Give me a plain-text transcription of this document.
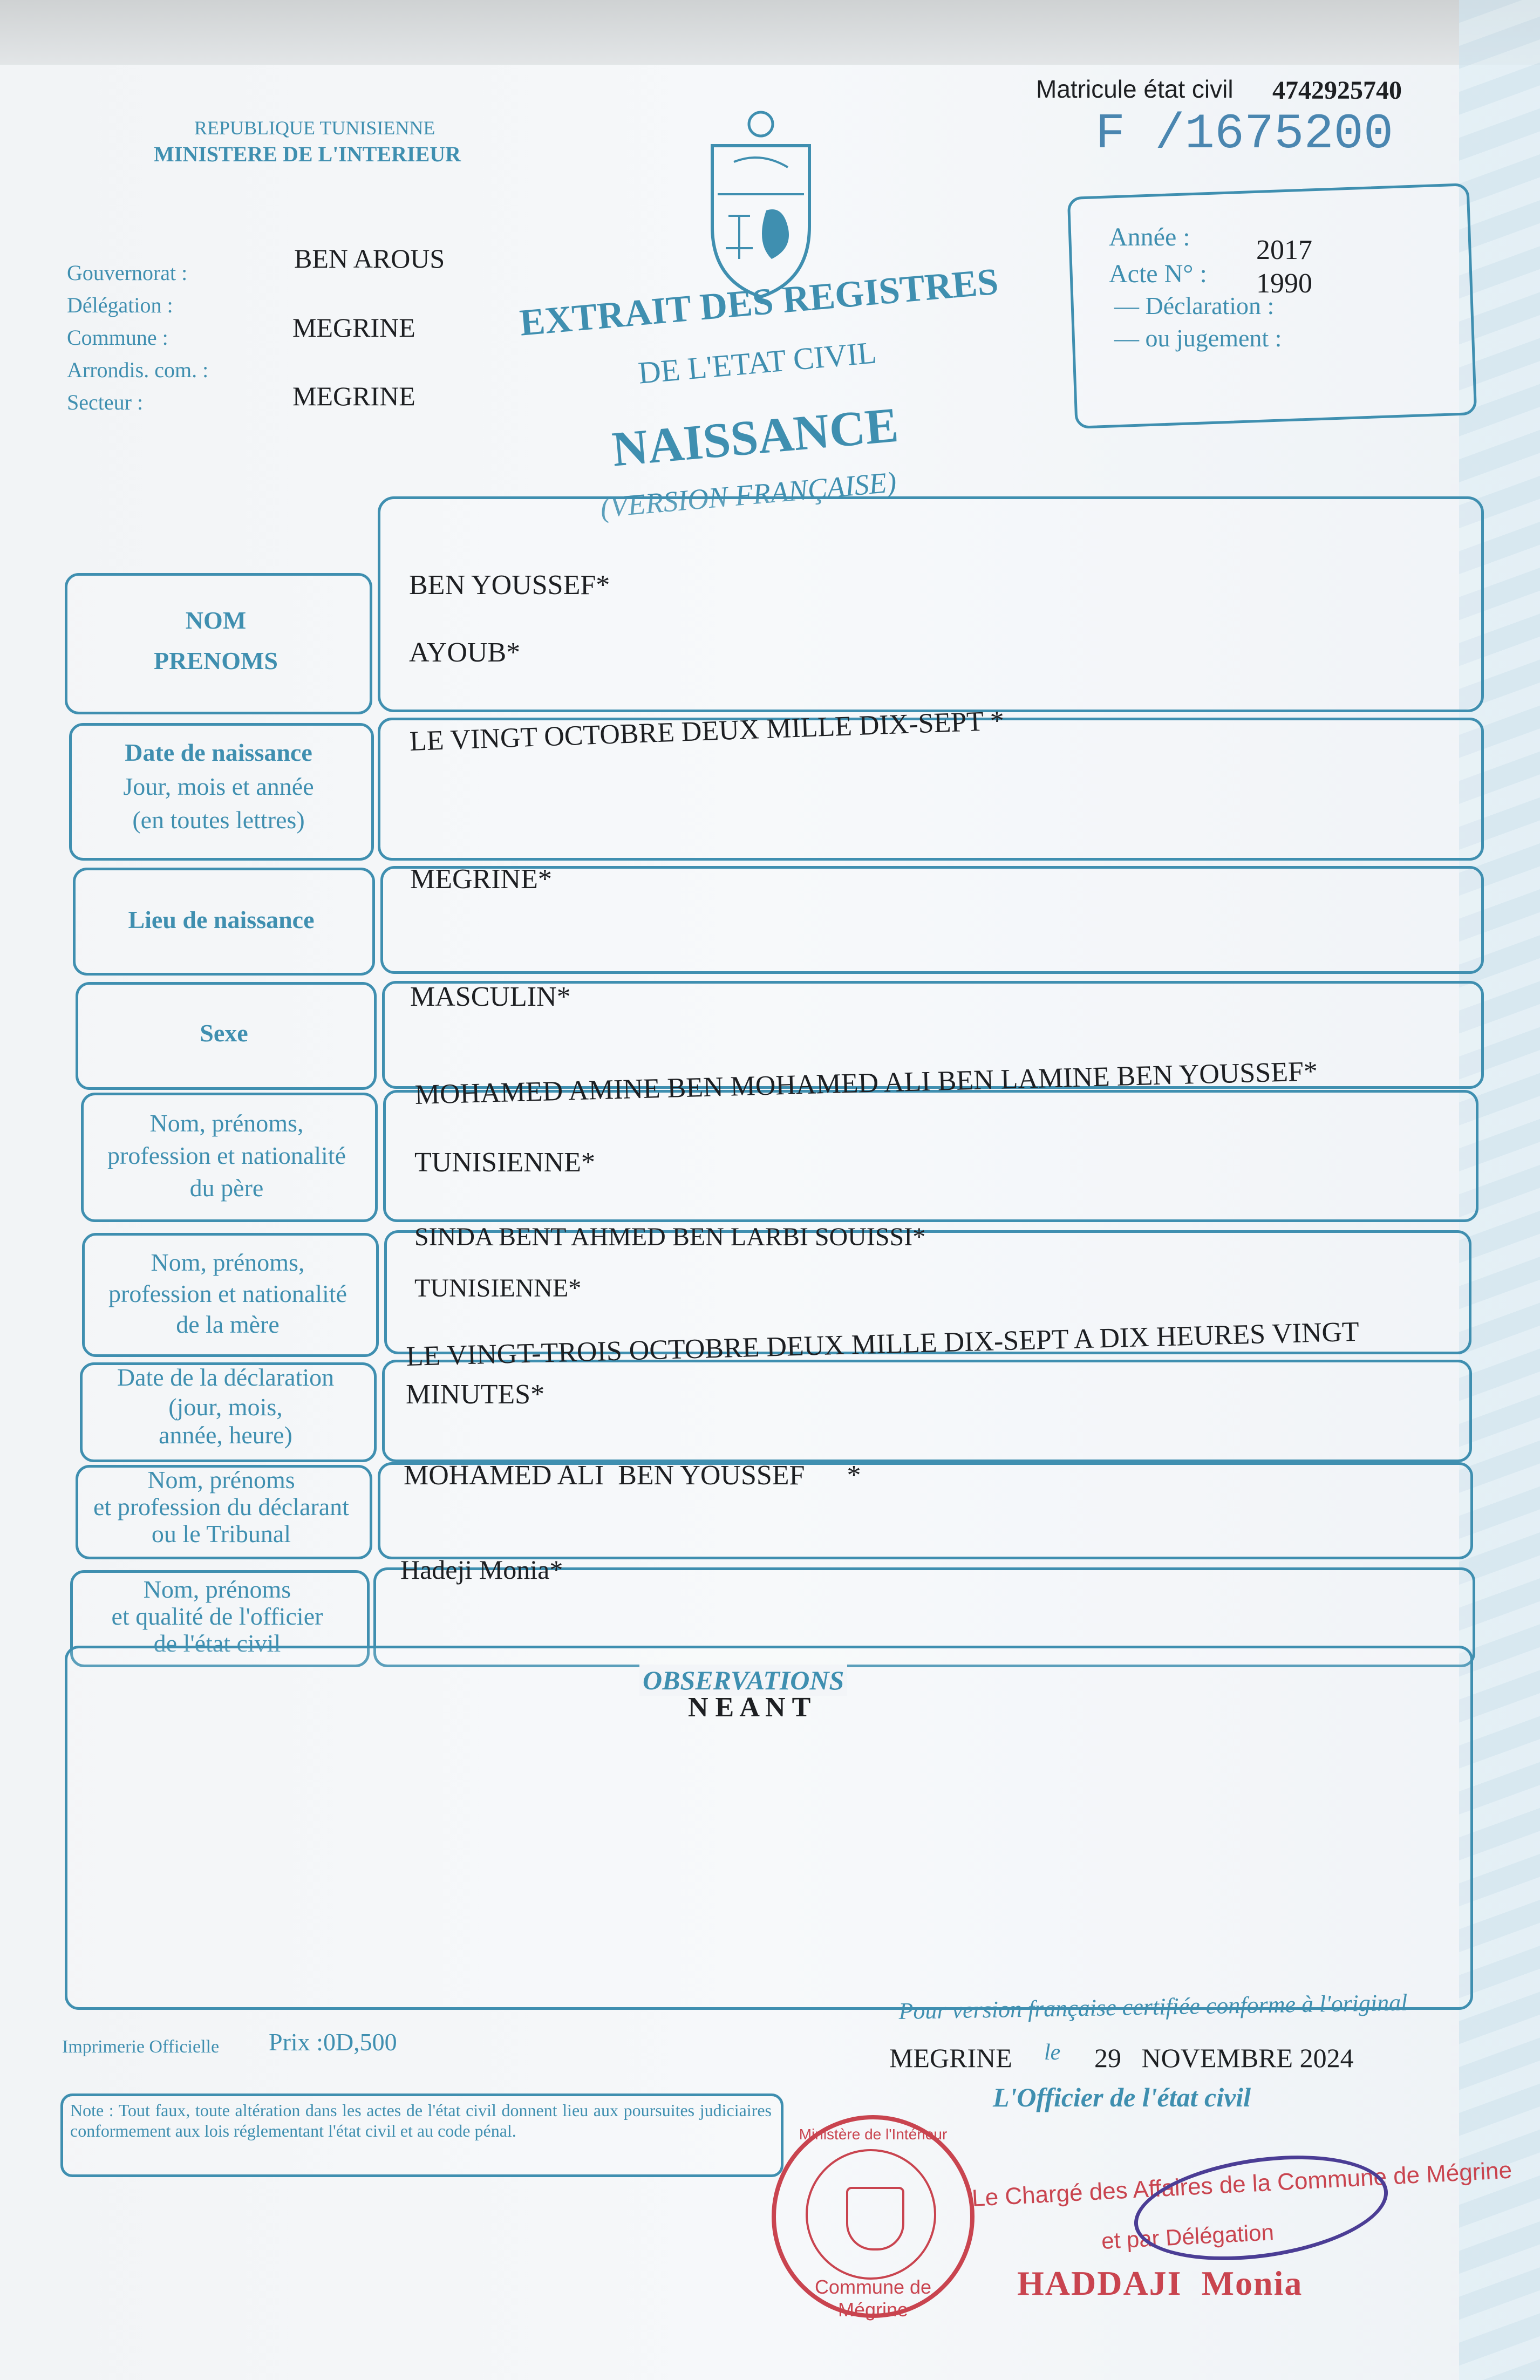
Matricule état civil 4742925740
F /1675200
REPUBLIQUE TUNISIENNE
MINISTERE DE L'INTERIEUR
Gouvernorat :
Délégation :
Commune :
Arrondis. com. :
Secteur :
BEN AROUS
MEGRINE
MEGRINE
EXTRAIT DES REGISTRES
DE L'ETAT CIVIL
NAISSANCE
(VERSION FRANÇAISE)
Année : 2017
Acte N° : 1990
— Déclaration :
— ou jugement :
NOM
PRENOMS
BEN YOUSSEF*
AYOUB*
Date de naissance
Jour, mois et année
(en toutes lettres)
LE VINGT OCTOBRE DEUX MILLE DIX-SEPT *
Lieu de naissance
MEGRINE*
Sexe
MASCULIN*
Nom, prénoms,
profession et nationalité
du père
MOHAMED AMINE BEN MOHAMED ALI BEN LAMINE BEN YOUSSEF*
TUNISIENNE*
Nom, prénoms,
profession et nationalité
de la mère
SINDA BENT AHMED BEN LARBI SOUISSI*
TUNISIENNE*
Date de la déclaration
(jour, mois,
année, heure)
LE VINGT-TROIS OCTOBRE DEUX MILLE DIX-SEPT A DIX HEURES VINGT
MINUTES*
Nom, prénoms
et profession du déclarant
ou le Tribunal
MOHAMED ALI  BEN YOUSSEF      *
Nom, prénoms
et qualité de l'officier
de l'état civil
Hadeji Monia*
OBSERVATIONS
N E A N T
Imprimerie Officielle Prix :0D,500
Pour version française certifiée conforme à l'original
MEGRINE le 29   NOVEMBRE 2024
L'Officier de l'état civil
Note : Tout faux, toute altération dans les actes de l'état civil donnent lieu aux poursuites judiciaires conformement aux lois réglementant l'état civil et au code pénal.
Commune de Mégrine
Ministère de l'Intérieur
Le Chargé des Affaires de la Commune de Mégrine
et par Délégation
HADDAJI  Monia
